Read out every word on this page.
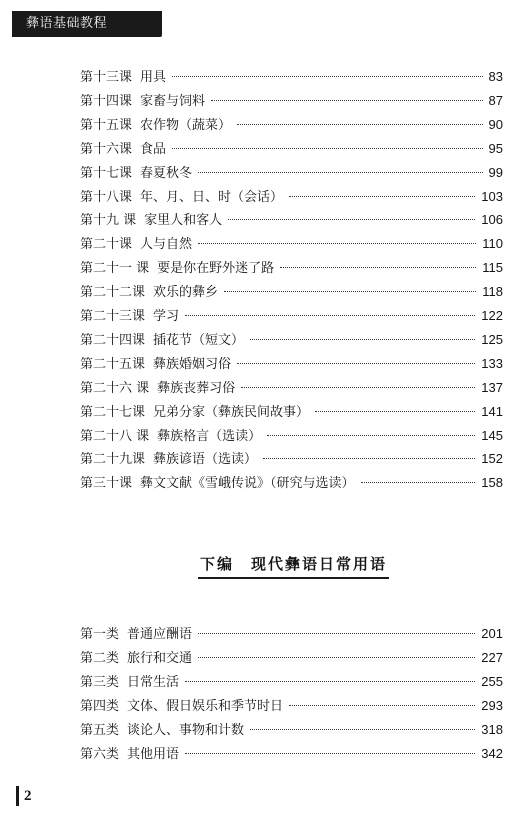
彝语基础教程
第十三课 用具	83
第十四课 家畜与饲料	87
第十五课 农作物（蔬菜）	90
第十六课 食品	95
第十七课 春夏秋冬	99
第十八课 年、月、日、时（会话）	103
第十九 课 家里人和客人	106
第二十课 人与自然	110
第二十一 课 要是你在野外迷了路	115
第二十二课 欢乐的彝乡	118
第二十三课 学习	122
第二十四课 插花节（短文）	125
第二十五课 彝族婚姻习俗	133
第二十六 课 彝族丧葬习俗	137
第二十七课 兄弟分家（彝族民间故事）	141
第二十八 课 彝族格言（选读）	145
第二十九课 彝族谚语（选读）	152
第三十课 彝文文献《雪峨传说》（研究与选读）	158
下编　现代彝语日常用语
第一类 普通应酬语	201
第二类 旅行和交通	227
第三类 日常生活	255
第四类 文体、假日娱乐和季节时日	293
第五类 谈论人、事物和计数	318
第六类 其他用语	342
2
